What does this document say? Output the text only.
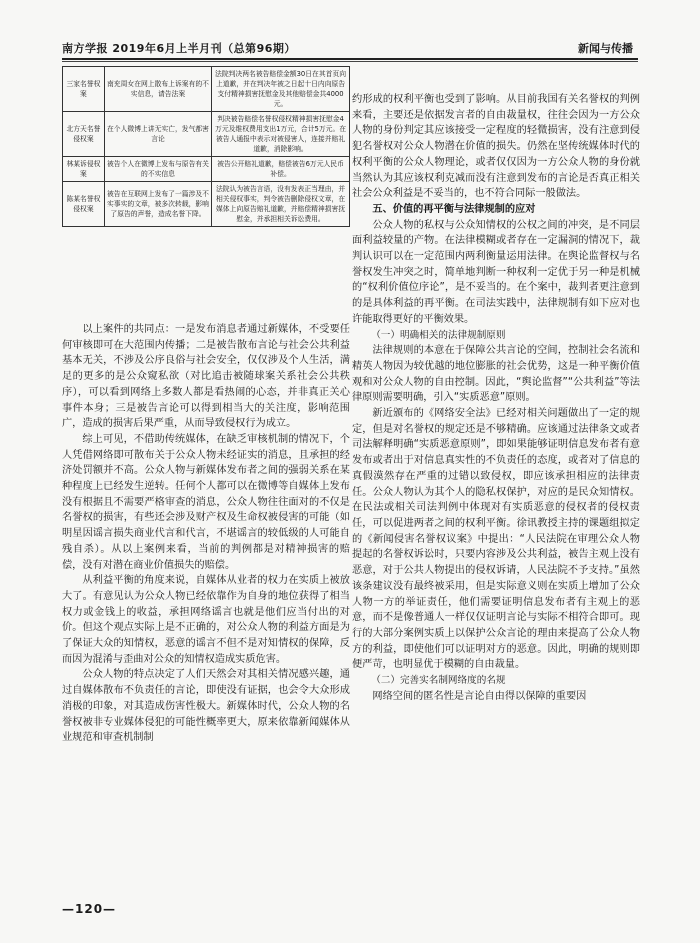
南方学报 2019年6月上半月刊（总第96期）	新闻与传播
三家名誉权案	南充周女在网上散布上诉案有的不实信息，请告法案	法院判决两名被告赔偿金额30日在其首页向上道歉，并在判决年被之日起十日内向原告支付精神损害抚慰金及其他赔偿金共4000元。
北方天名誉侵权案	在个人微博上讲无实亡，发气都害言论	判决被告赔偿名誉权侵权精神损害抚慰金4万元及维权费用支出1万元，合计5万元。在被告人通报中表示对被侵害人，连接并赔礼道歉，消除影响。
林某诉侵权案	被告个人在微博上发布与原告有关的不实信息	被告公开赔礼道歉，赔偿被告6万元人民币补偿。
陈某名誉权侵权案	被告在互联网上发布了一篇涉及不实事实的文章，被多次转载，影响了原告的声誉，造成名誉下降。	法院认为被告言语，没有发表正当理由，并相关侵权事实，判令被告删除侵权文章，在媒体上向原告赔礼道歉，并赔偿精神损害抚慰金，并承担相关诉讼费用。

以上案件的共同点：一是发布消息者通过新媒体，不受要任何审核即可在大范围内传播；二是被告散布言论与社会公共利益基本无关，不涉及公序良俗与社会安全，仅仅涉及个人生活，满足的更多的是公众窥私欲（对比追击被随球案关系社会公共秩序），可以看到网络上多数人都是看热闹的心态，并非真正关心事件本身；三是被告言论可以得到相当大的关注度，影响范围广，造成的损害后果严重，从而导致侵权行为成立。

综上可见，不借助传统媒体，在缺乏审核机制的情况下，个人凭借网络即可散布关于公众人物未经证实的消息，且承担的经济处罚额并不高。公众人物与新媒体发布者之间的强弱关系在某种程度上已经发生逆转。任何个人都可以在微博等自媒体上发布没有根据且不需要严格审查的消息，公众人物往往面对的不仅是名誉权的损害，有些还会涉及财产权及生命权被侵害的可能（如明星因谣言损失商业代言和代言，不堪谣言的较低级的人可能自残自杀）。从以上案例来看，当前的判例都是对精神损害的赔偿，没有对潜在商业价值损失的赔偿。

从利益平衡的角度来说，自媒体从业者的权力在实质上被放大了。有意见认为公众人物已经依靠作为自身的地位获得了相当权力或金钱上的收益，承担网络谣言也就是他们应当付出的对价。但这个观点实际上是不正确的，对公众人物的利益方面是为了保证大众的知情权，恶意的谣言不但不是对知情权的保障，反而因为混淆与歪曲对公众的知情权造成实质危害。

公众人物的特点决定了人们天然会对其相关情况感兴趣，通过自媒体散布不负责任的言论，即使没有证据，也会令大众形成消极的印象，对其造成伤害性极大。新媒体时代，公众人物的名誉权被非专业媒体侵犯的可能性概率更大，原来依靠新闻媒体从业规范和审查机制制

约形成的权利平衡也受到了影响。从目前我国有关名誉权的判例来看，主要还是依据发言者的自由裁量权，往往会因为一方公众人物的身份判定其应该接受一定程度的轻微损害，没有注意到侵犯名誉权对公众人物潜在价值的损失。仍然在坚传统媒体时代的权利平衡的公众人物理论，或者仅仅因为一方公众人物的身份就当然认为其应该权利克减而没有注意到发布的言论是否真正相关社会公众利益是不妥当的，也不符合同际一般做法。

五、价值的再平衡与法律规制的应对

公众人物的私权与公众知情权的公权之间的冲突，是不同层面利益较量的产物。在法律模糊或者存在一定漏洞的情况下，裁判认识可以在一定范围内两利衡量运用法律。在舆论监督权与名誉权发生冲突之时，简单地判断一种权利一定优于另一种是机械的“权利价值位序论”，是不妥当的。在个案中，裁判者更注意到的是具体利益的再平衡。在司法实践中，法律规制有如下应对也许能取得更好的平衡效果。

（一）明确相关的法律规制原则

法律规则的本意在于保障公共言论的空间，控制社会名流和精英人物因为较优越的地位膨胀的社会优势，这是一种平衡价值观和对公众人物的自由控制。因此，“舆论监督”“公共利益”等法律原则需要明确，引入“实质恶意”原则。

新近颁布的《网络安全法》已经对相关问题做出了一定的规定，但是对名誉权的规定还是不够精确。应该通过法律条文或者司法解释明确“实质恶意原则”，即如果能够证明信息发布者有意发布或者出于对信息真实性的不负责任的态度，或者对了信息的真假漠然存在严重的过错以致侵权，即应该承担相应的法律责任。公众人物认为其个人的隐私权保护，对应的是民众知情权。在民法或相关司法判例中体现对有实质恶意的侵权者的侵权责任，可以促进两者之间的权利平衡。徐讯教授主持的课题组拟定的《新闻侵害名誉权议案》中提出：“人民法院在审理公众人物提起的名誉权诉讼时，只要内容涉及公共利益，被告主观上没有恶意，对于公共人物提出的侵权诉请，人民法院不予支持。”虽然该条建议没有最终被采用，但是实际意义则在实质上增加了公众人物一方的举证责任，他们需要证明信息发布者有主观上的恶意，而不是像普通人一样仅仅证明言论与实际不相符合即可。现行的大部分案例实质上以保护公众言论的理由来提高了公众人物方的利益，即使他们可以证明对方的恶意。因此，明确的规则即便严苛，也明显优于模糊的自由裁量。

（二）完善实名制网络度的名规

网络空间的匿名性是言论自由得以保障的重要因

—120—
